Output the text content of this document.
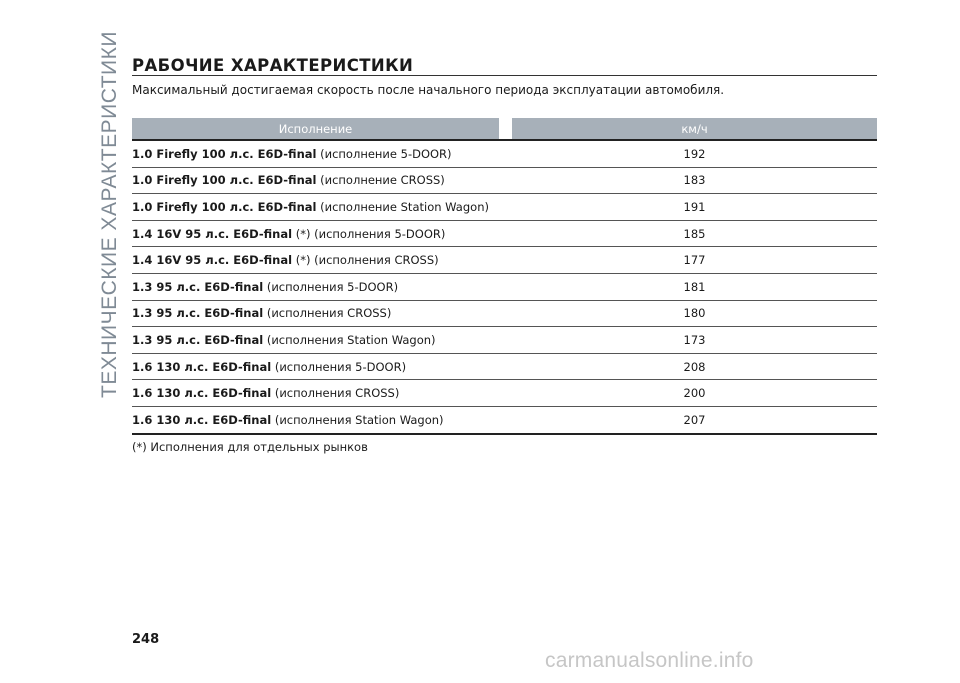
ТЕХНИЧЕСКИЕ ХАРАКТЕРИСТИКИ РАБОЧИЕ ХАРАКТЕРИСТИКИ
Максимальный достигаемая скорость после начального периода эксплуатации автомобиля.
Исполнение	км/ч
1.0 Firefly 100 л.с. E6D-final (исполнение 5-DOOR)	192
1.0 Firefly 100 л.с. E6D-final (исполнение CROSS)	183
1.0 Firefly 100 л.с. E6D-final (исполнение Station Wagon)	191
1.4 16V 95 л.с. E6D-final (*) (исполнения 5-DOOR)	185
1.4 16V 95 л.с. E6D-final (*) (исполнения CROSS)	177
1.3 95 л.с. E6D-final (исполнения 5-DOOR)	181
1.3 95 л.с. E6D-final (исполнения CROSS)	180
1.3 95 л.с. E6D-final (исполнения Station Wagon)	173
1.6 130 л.с. E6D-final (исполнения 5-DOOR)	208
1.6 130 л.с. E6D-final (исполнения CROSS)	200
1.6 130 л.с. E6D-final (исполнения Station Wagon)	207
(*) Исполнения для отдельных рынков
248
carmanualsonline.info
